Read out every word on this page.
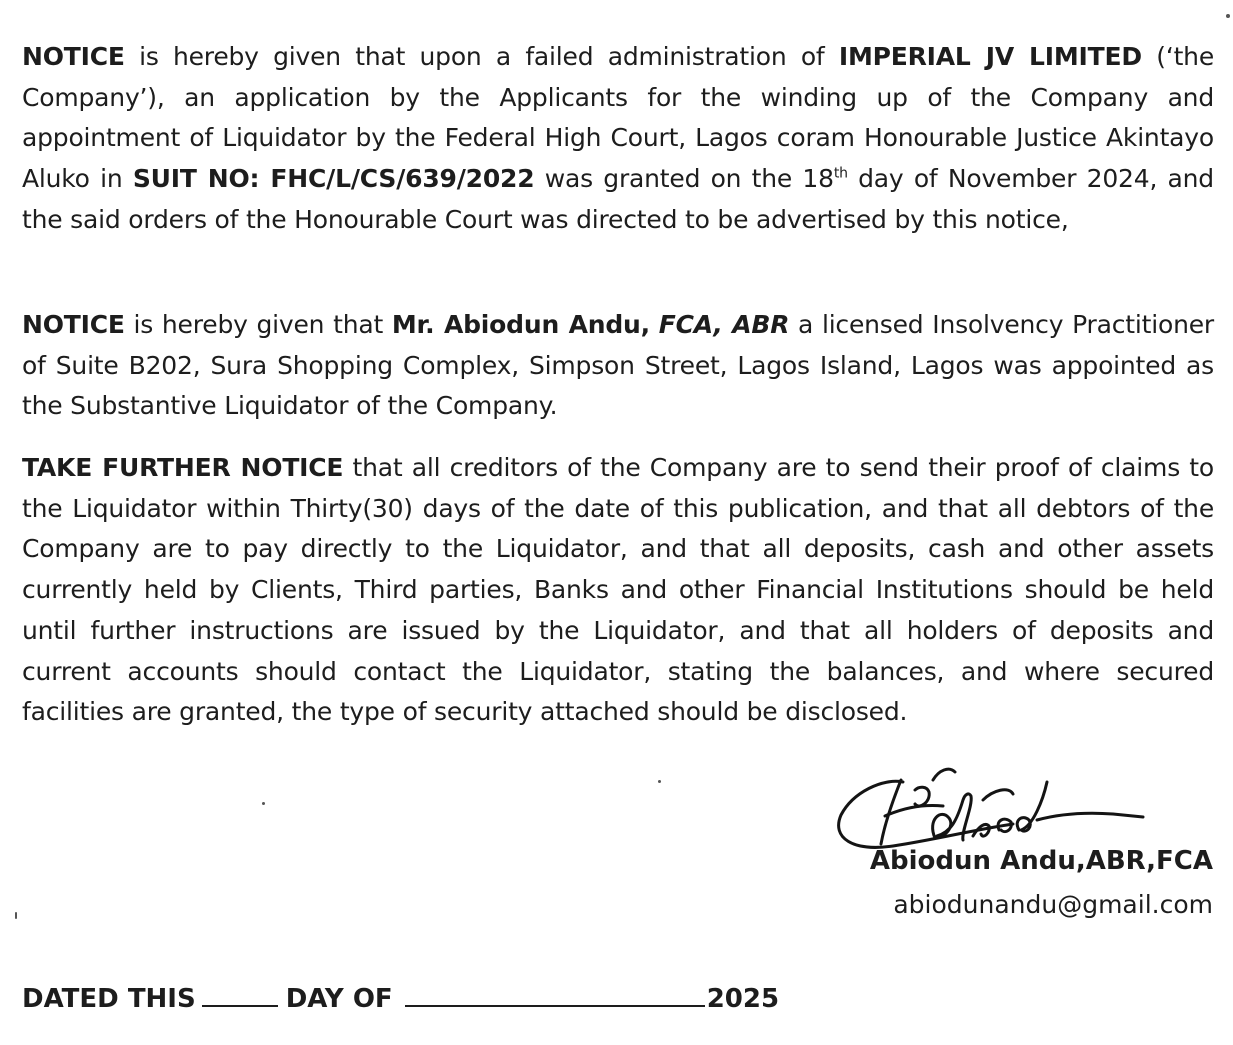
NOTICE is hereby given that upon a failed administration of IMPERIAL JV LIMITED (‘the Company’), an application by the Applicants for the winding up of the Company and appointment of Liquidator by the Federal High Court, Lagos coram Honourable Justice Akintayo Aluko in SUIT NO: FHC/L/CS/639/2022 was granted on the 18th day of November 2024, and the said orders of the Honourable Court was directed to be advertised by this notice,

NOTICE is hereby given that Mr. Abiodun Andu, FCA, ABR a licensed Insolvency Practitioner of Suite B202, Sura Shopping Complex, Simpson Street, Lagos Island, Lagos was appointed as the Substantive Liquidator of the Company.

TAKE FURTHER NOTICE that all creditors of the Company are to send their proof of claims to the Liquidator within Thirty(30) days of the date of this publication, and that all debtors of the Company are to pay directly to the Liquidator, and that all deposits, cash and other assets currently held by Clients, Third parties, Banks and other Financial Institutions should be held until further instructions are issued by the Liquidator, and that all holders of deposits and current accounts should contact the Liquidator, stating the balances, and where secured facilities are granted, the type of security attached should be disclosed.

Abiodun Andu,ABR,FCA
abiodunandu@gmail.com
DATED THIS	DAY OF	2025
